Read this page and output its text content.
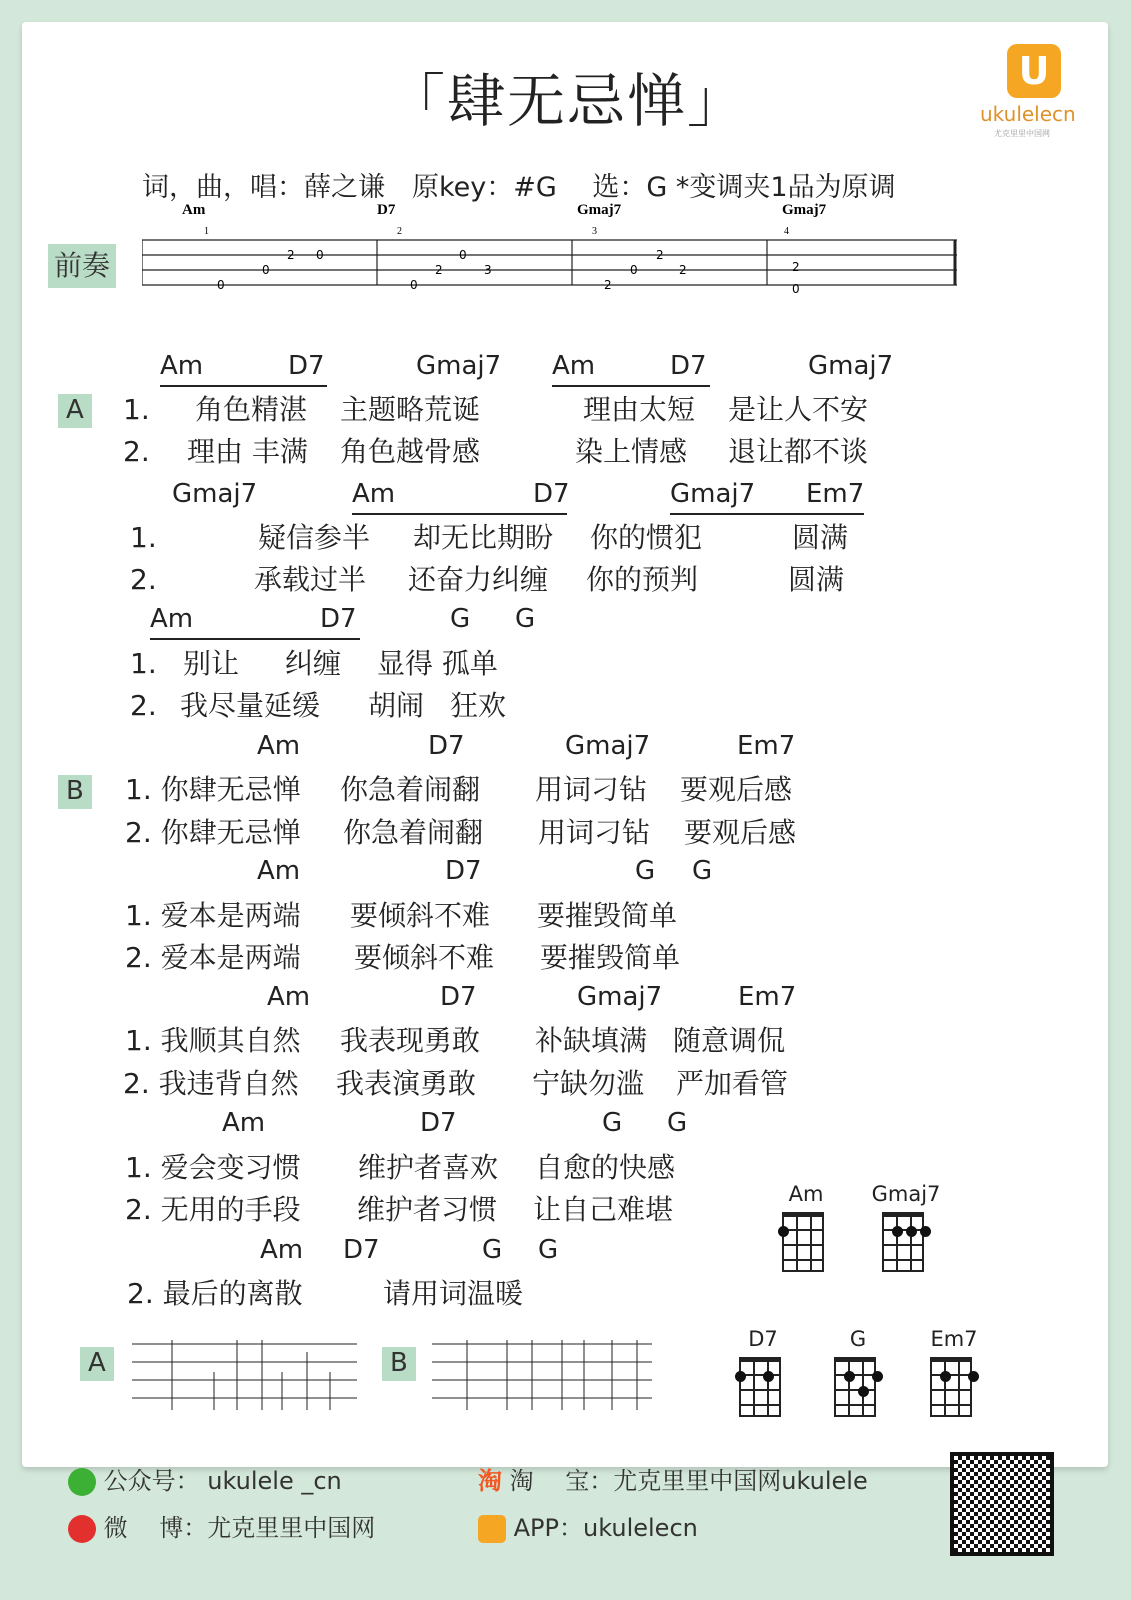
「肆无忌惮」
词，曲，唱：薛之谦　原key：#G　 选：G *变调夹1品为原调
U
ukulelecn
尤克里里中国网
前奏
Am
1
D7
2
Gmaj7
3
Gmaj7
4
0
0
2 0
0
2
0
3
2
0
2
2	2
0
Am	D7	Gmaj7 Am	D7	Gmaj7
1. 角色精湛 主题略荒诞	理由太短 是让人不安
2. 理由 丰满 角色越骨感	染上情感 退让都不谈
Gmaj7	Am	D7	Gmaj7 Em7
1.	疑信参半 却无比期盼 你的惯犯	圆满
2.	承载过半 还奋力纠缠 你的预判	圆满
Am	D7	G G
1. 别让 纠缠 显得 孤单
2. 我尽量延缓 胡闹 狂欢
Am	D7	Gmaj7	Em7
1. 你肆无忌惮 你急着闹翻 用词刁钻 要观后感
2. 你肆无忌惮 你急着闹翻 用词刁钻 要观后感
Am	D7	G G
1. 爱本是两端 要倾斜不难 要摧毁简单
2. 爱本是两端 要倾斜不难 要摧毁简单
Am	D7	Gmaj7	Em7
1. 我顺其自然 我表现勇敢 补缺填满 随意调侃
2. 我违背自然 我表演勇敢 宁缺勿滥 严加看管
Am	D7	G G
1. 爱会变习惯 维护者喜欢 自愈的快感
2. 无用的手段 维护者习惯 让自己难堪
Am D7	G G
2. 最后的离散	请用词温暖
A
B
A	B
Am	Gmaj7
D7	G	Em7
公众号： ukulele _cn
微　 博：尤克里里中国网
淘 淘　 宝：尤克里里中国网ukulele
APP：ukulelecn
